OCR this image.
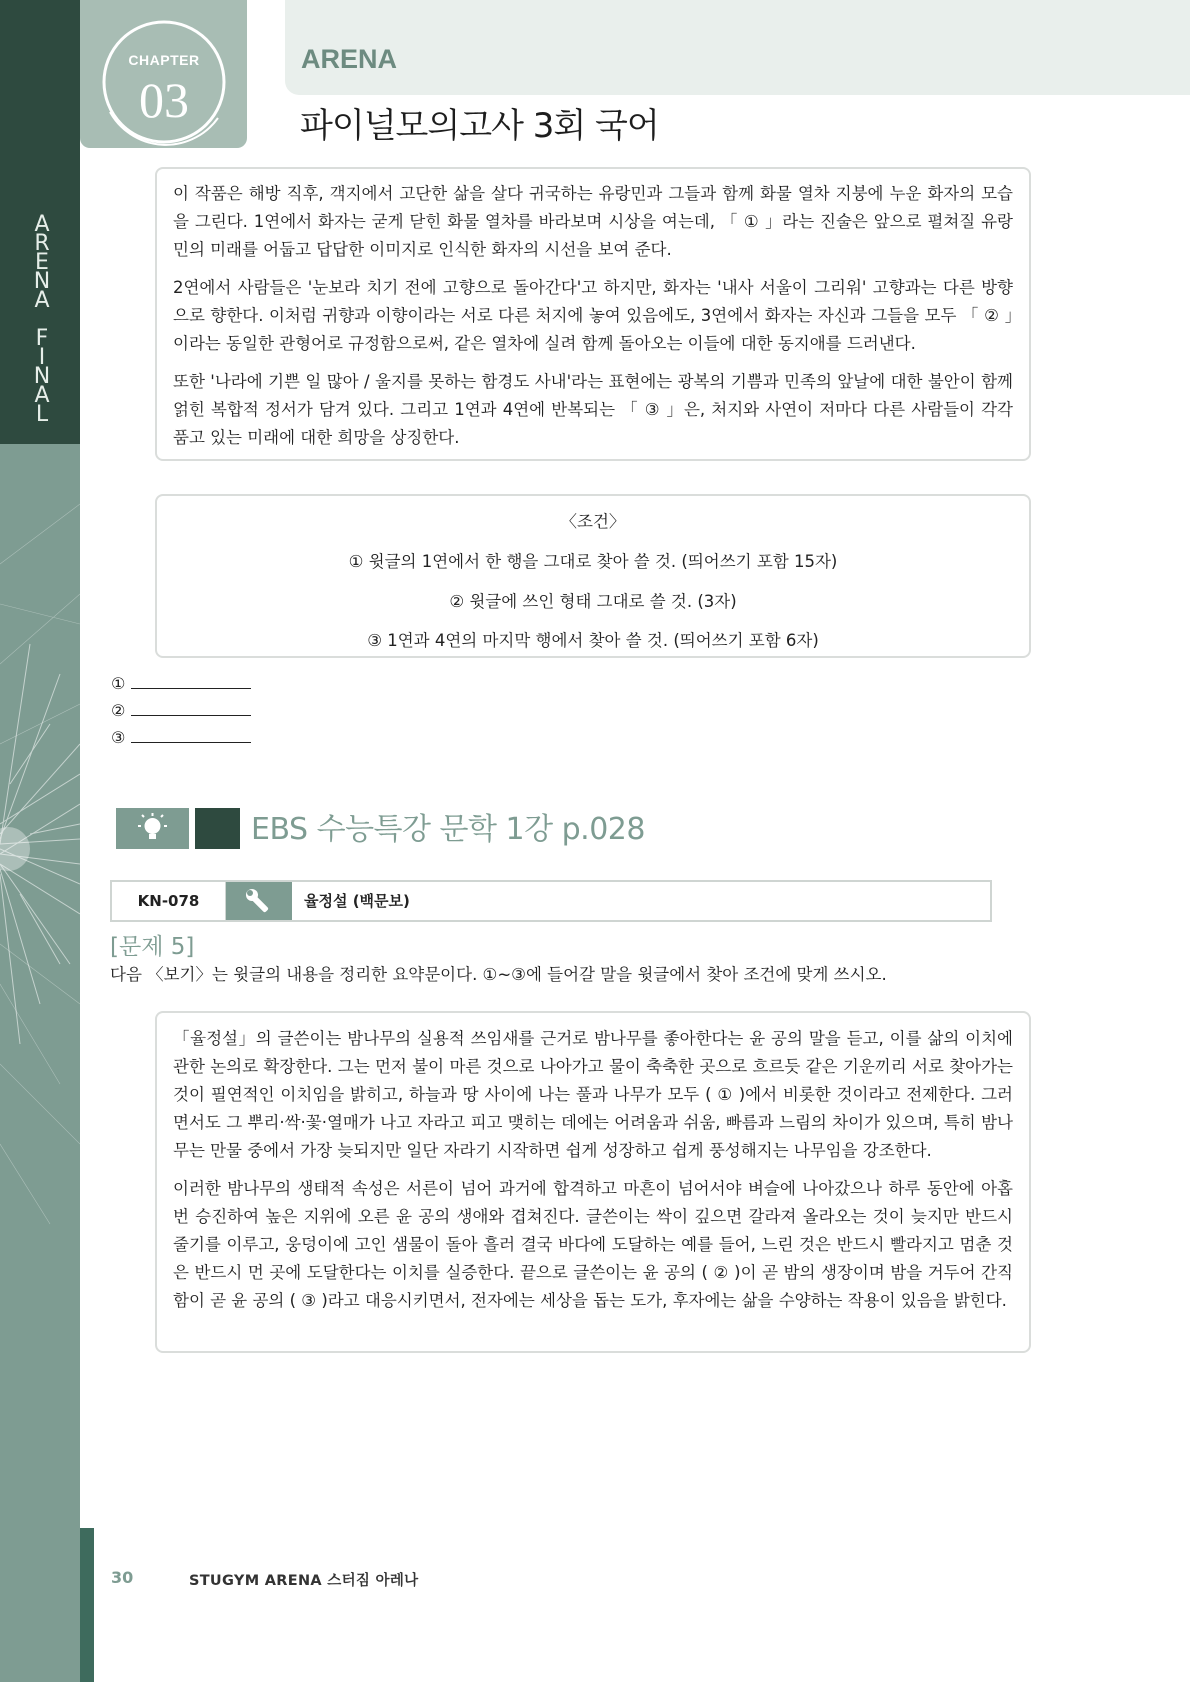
A
R
E
N
A

F
I
N
A
L
CHAPTER
03
ARENA
파이널모의고사 3회 국어

이 작품은 해방 직후, 객지에서 고단한 삶을 살다 귀국하는 유랑민과 그들과 함께 화물 열차 지붕에 누운 화자의 모습을 그린다. 1연에서 화자는 굳게 닫힌 화물 열차를 바라보며 시상을 여는데, 「 ① 」라는 진술은 앞으로 펼쳐질 유랑민의 미래를 어둡고 답답한 이미지로 인식한 화자의 시선을 보여 준다.

2연에서 사람들은 '눈보라 치기 전에 고향으로 돌아간다'고 하지만, 화자는 '내사 서울이 그리워' 고향과는 다른 방향으로 향한다. 이처럼 귀향과 이향이라는 서로 다른 처지에 놓여 있음에도, 3연에서 화자는 자신과 그들을 모두 「 ② 」이라는 동일한 관형어로 규정함으로써, 같은 열차에 실려 함께 돌아오는 이들에 대한 동지애를 드러낸다.

또한 '나라에 기쁜 일 많아 / 울지를 못하는 함경도 사내'라는 표현에는 광복의 기쁨과 민족의 앞날에 대한 불안이 함께 얽힌 복합적 정서가 담겨 있다. 그리고 1연과 4연에 반복되는 「 ③ 」은, 처지와 사연이 저마다 다른 사람들이 각각 품고 있는 미래에 대한 희망을 상징한다.

〈조건〉
① 윗글의 1연에서 한 행을 그대로 찾아 쓸 것. (띄어쓰기 포함 15자)
② 윗글에 쓰인 형태 그대로 쓸 것. (3자)
③ 1연과 4연의 마지막 행에서 찾아 쓸 것. (띄어쓰기 포함 6자)
①
②
③
EBS 수능특강 문학 1강 p.028
KN-078	율정설 (백문보)
[문제 5]
다음 〈보기〉는 윗글의 내용을 정리한 요약문이다. ①~③에 들어갈 말을 윗글에서 찾아 조건에 맞게 쓰시오.

「율정설」의 글쓴이는 밤나무의 실용적 쓰임새를 근거로 밤나무를 좋아한다는 윤 공의 말을 듣고, 이를 삶의 이치에 관한 논의로 확장한다. 그는 먼저 불이 마른 것으로 나아가고 물이 축축한 곳으로 흐르듯 같은 기운끼리 서로 찾아가는 것이 필연적인 이치임을 밝히고, 하늘과 땅 사이에 나는 풀과 나무가 모두 ( ① )에서 비롯한 것이라고 전제한다. 그러면서도 그 뿌리·싹·꽃·열매가 나고 자라고 피고 맺히는 데에는 어려움과 쉬움, 빠름과 느림의 차이가 있으며, 특히 밤나무는 만물 중에서 가장 늦되지만 일단 자라기 시작하면 쉽게 성장하고 쉽게 풍성해지는 나무임을 강조한다.

이러한 밤나무의 생태적 속성은 서른이 넘어 과거에 합격하고 마흔이 넘어서야 벼슬에 나아갔으나 하루 동안에 아홉 번 승진하여 높은 지위에 오른 윤 공의 생애와 겹쳐진다. 글쓴이는 싹이 깊으면 갈라져 올라오는 것이 늦지만 반드시 줄기를 이루고, 웅덩이에 고인 샘물이 돌아 흘러 결국 바다에 도달하는 예를 들어, 느린 것은 반드시 빨라지고 멈춘 것은 반드시 먼 곳에 도달한다는 이치를 실증한다. 끝으로 글쓴이는 윤 공의 ( ② )이 곧 밤의 생장이며 밤을 거두어 간직함이 곧 윤 공의 ( ③ )라고 대응시키면서, 전자에는 세상을 돕는 도가, 후자에는 삶을 수양하는 작용이 있음을 밝힌다.

30	STUGYM ARENA 스터짐 아레나
